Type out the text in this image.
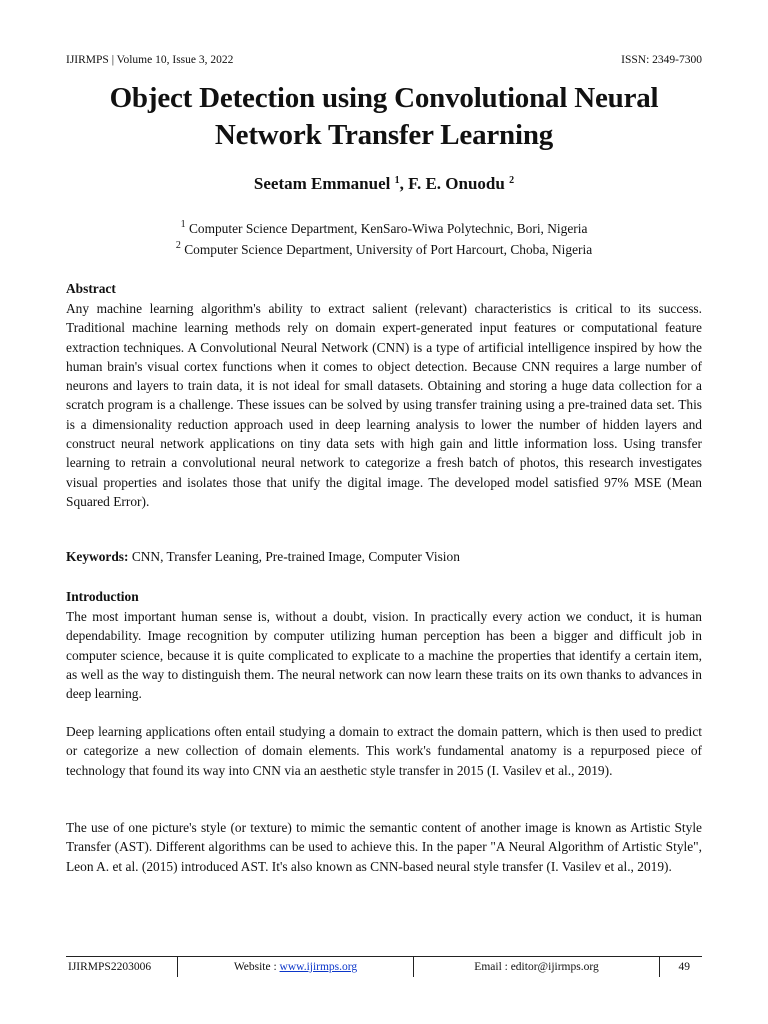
IJIRMPS | Volume 10, Issue 3, 2022	ISSN: 2349-7300
Object Detection using Convolutional Neural
Network Transfer Learning
Seetam Emmanuel $^1$, F. E. Onuodu $^2$
$^1$ Computer Science Department, KenSaro-Wiwa Polytechnic, Bori, Nigeria
$^2$ Computer Science Department, University of Port Harcourt, Choba, Nigeria
Abstract
Any machine learning algorithm's ability to extract salient (relevant) characteristics is critical to its success. Traditional machine learning methods rely on domain expert-generated input features or computational feature extraction techniques. A Convolutional Neural Network (CNN) is a type of artificial intelligence inspired by how the human brain's visual cortex functions when it comes to object detection. Because CNN requires a large number of neurons and layers to train data, it is not ideal for small datasets. Obtaining and storing a huge data collection for a scratch program is a challenge. These issues can be solved by using transfer training using a pre-trained data set. This is a dimensionality reduction approach used in deep learning analysis to lower the number of hidden layers and construct neural network applications on tiny data sets with high gain and little information loss. Using transfer learning to retrain a convolutional neural network to categorize a fresh batch of photos, this research investigates visual properties and isolates those that unify the digital image. The developed model satisfied 97% MSE (Mean Squared Error).
Keywords: CNN, Transfer Leaning, Pre-trained Image, Computer Vision
Introduction
The most important human sense is, without a doubt, vision. In practically every action we conduct, it is human dependability. Image recognition by computer utilizing human perception has been a bigger and difficult job in computer science, because it is quite complicated to explicate to a machine the properties that identify a certain item, as well as the way to distinguish them. The neural network can now learn these traits on its own thanks to advances in deep learning.
Deep learning applications often entail studying a domain to extract the domain pattern, which is then used to predict or categorize a new collection of domain elements. This work's fundamental anatomy is a repurposed piece of technology that found its way into CNN via an aesthetic style transfer in 2015 (I. Vasilev et al., 2019).
The use of one picture's style (or texture) to mimic the semantic content of another image is known as Artistic Style Transfer (AST). Different algorithms can be used to achieve this. In the paper "A Neural Algorithm of Artistic Style", Leon A. et al. (2015) introduced AST. It's also known as CNN-based neural style transfer (I. Vasilev et al., 2019).
IJIRMPS2203006	Website :
www.ijirmps.org	Email : editor@ijirmps.org	49
